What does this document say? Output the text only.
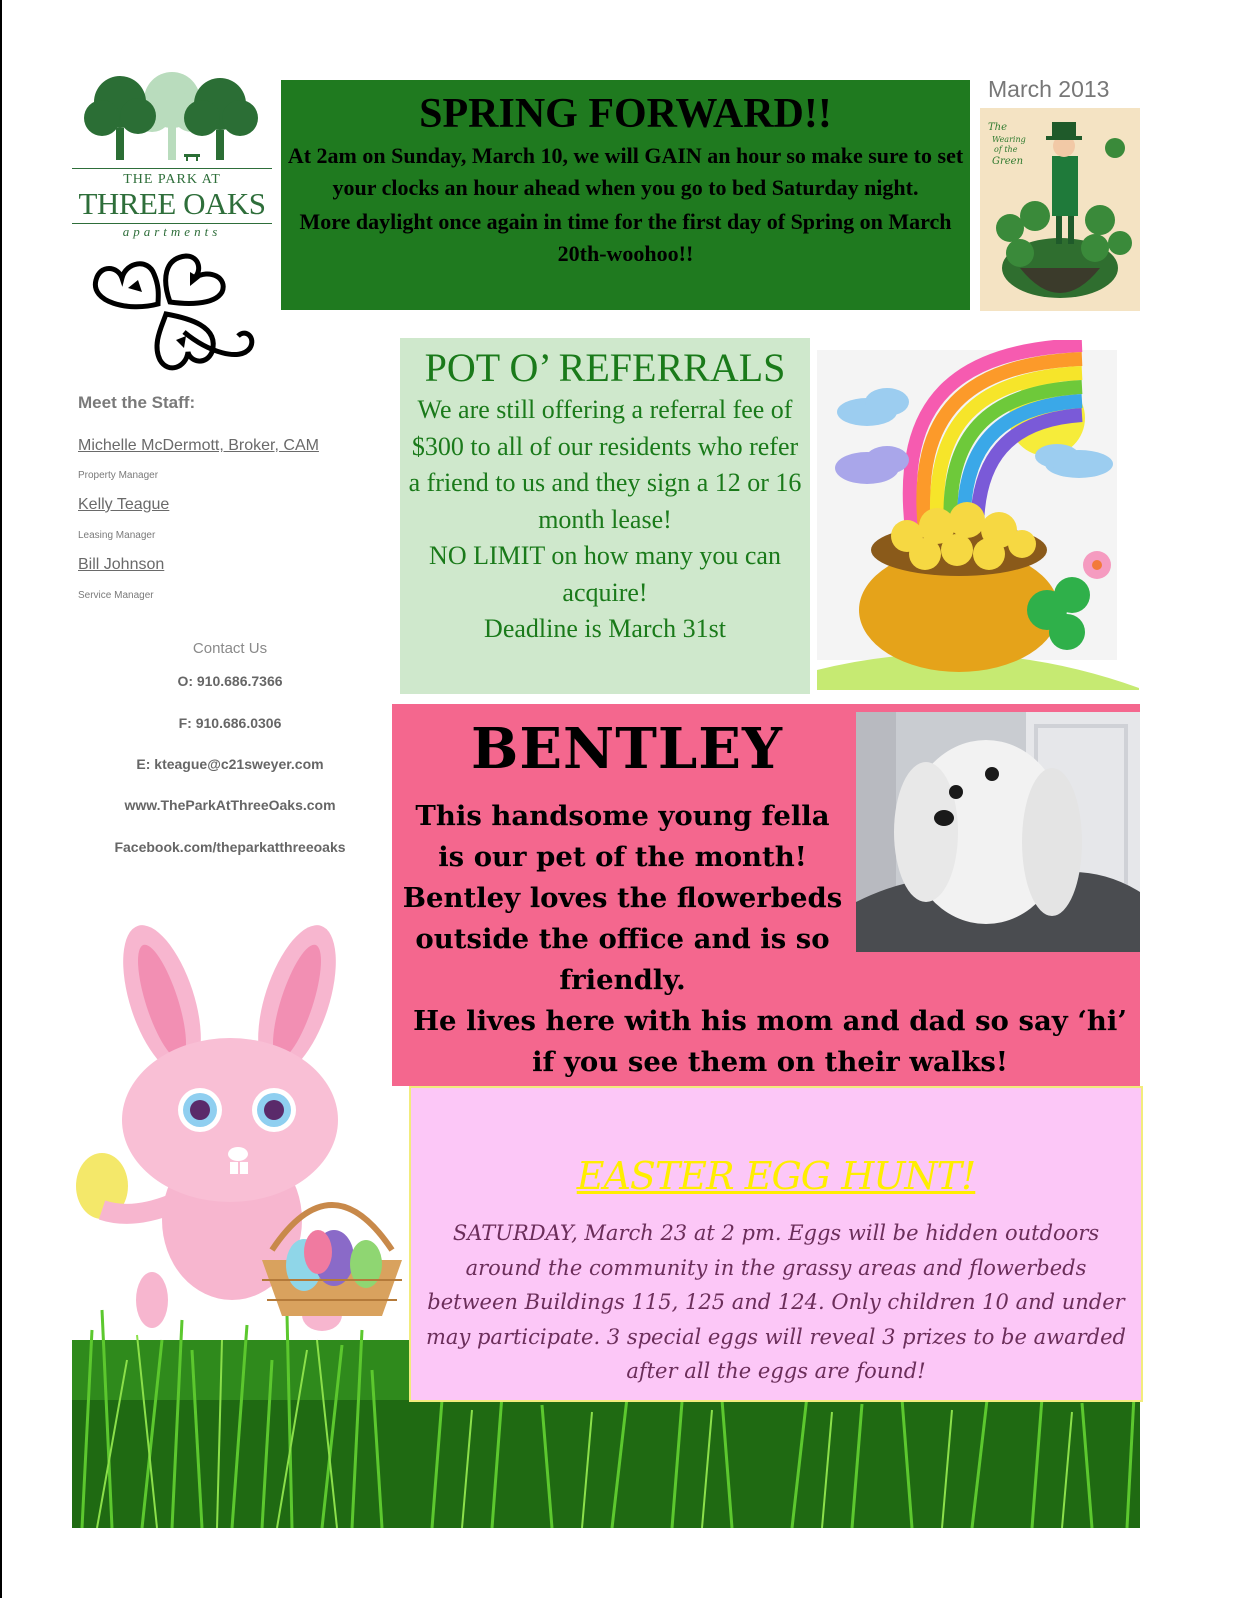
THE PARK AT
THREE OAKS
apartments
Meet the Staff:
Michelle McDermott, Broker, CAM
Property Manager
Kelly Teague
Leasing Manager
Bill Johnson
Service Manager
Contact Us
O: 910.686.7366
F: 910.686.0306
E: kteague@c21sweyer.com
www.TheParkAtThreeOaks.com
Facebook.com/theparkatthreeoaks
SPRING FORWARD!!
At 2am on Sunday, March 10, we will GAIN an hour so make sure to set your clocks an hour ahead when you go to bed Saturday night.
More daylight once again in time for the first day of Spring on March 20th-woohoo!!
March 2013
The
Wearing
of the
Green
POT O’ REFERRALS
We are still offering a referral fee of $300 to all of our residents who refer a friend to us and they sign a 12 or 16 month lease!
NO LIMIT on how many you can acquire!
Deadline is March 31st
BENTLEY
This handsome young fella is our pet of the month! Bentley loves the flowerbeds outside the office and is so friendly.
He lives here with his mom and dad so say ‘hi’ if you see them on their walks!
EASTER EGG HUNT!
SATURDAY, March 23 at 2 pm. Eggs will be hidden outdoors around the community in the grassy areas and flowerbeds between Buildings 115, 125 and 124. Only children 10 and under may participate. 3 special eggs will reveal 3 prizes to be awarded after all the eggs are found!
